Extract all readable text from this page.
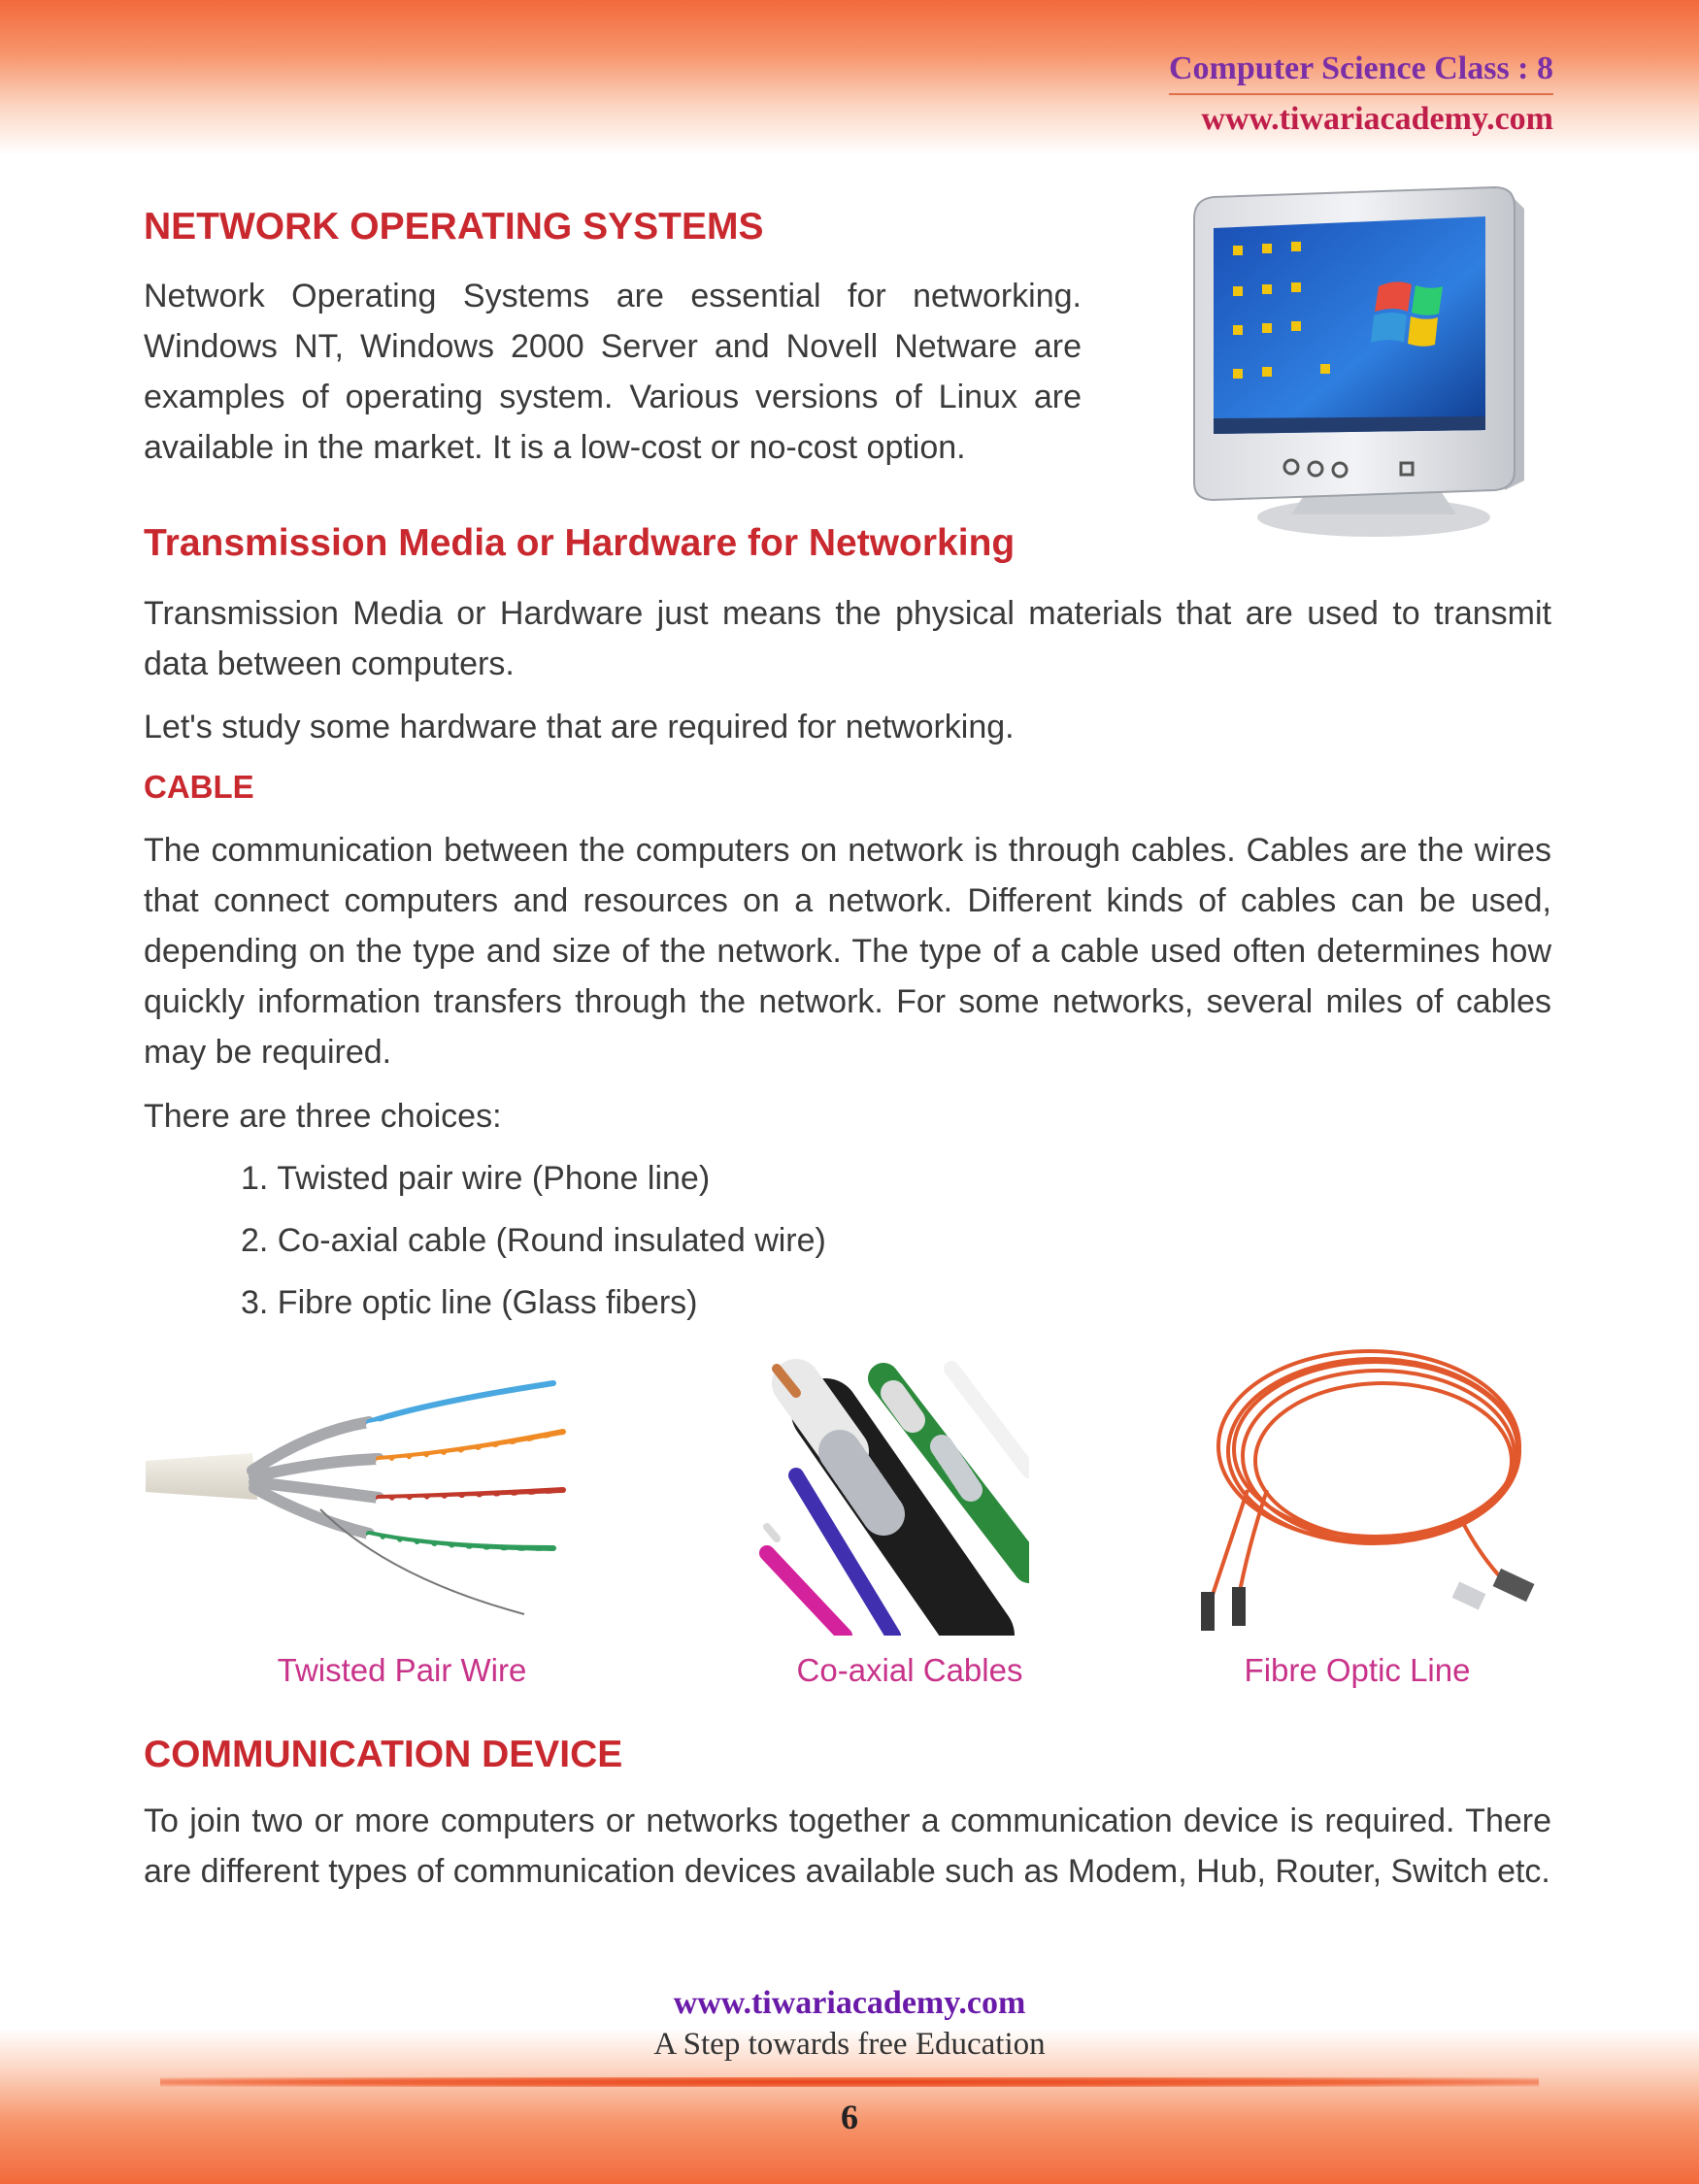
Computer Science Class : 8
www.tiwariacademy.com
NETWORK OPERATING SYSTEMS

Network Operating Systems are essential for networking. Windows NT, Windows 2000 Server and Novell Netware are examples of operating system. Various versions of Linux are available in the market. It is a low-cost or no-cost option.

Transmission Media or Hardware for Networking

Transmission Media or Hardware just means the physical materials that are used to transmit data between computers.

Let's study some hardware that are required for networking.

CABLE

The communication between the computers on network is through cables. Cables are the wires that connect computers and resources on a network. Different kinds of cables can be used, depending on the type and size of the network. The type of a cable used often determines how quickly information transfers through the network. For some networks, several miles of cables may be required.

There are three choices:

1. Twisted pair wire (Phone line)

2. Co-axial cable (Round insulated wire)

3. Fibre optic line (Glass fibers)

Twisted Pair Wire	Co-axial Cables	Fibre Optic Line
COMMUNICATION DEVICE

To join two or more computers or networks together a communication device is required. There are different types of communication devices available such as Modem, Hub, Router, Switch etc.

www.tiwariacademy.com
A Step towards free Education
6
